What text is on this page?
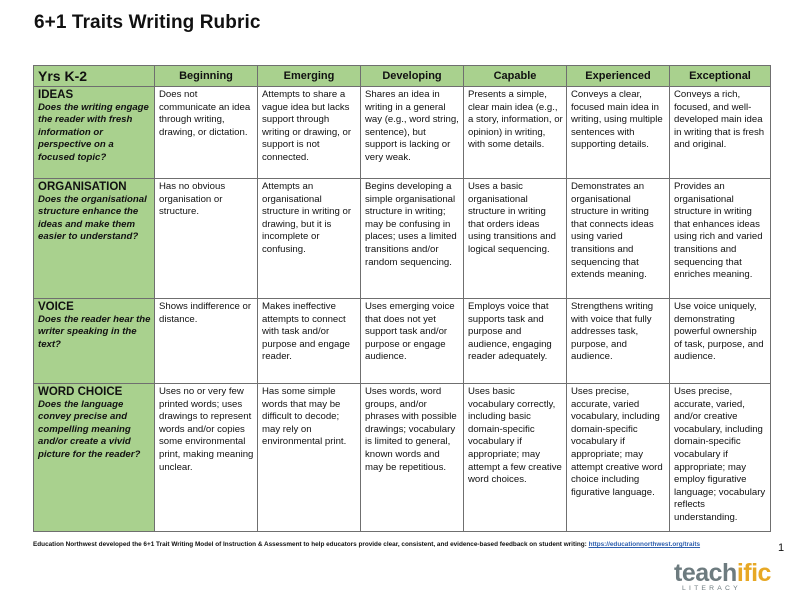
6+1 Traits Writing Rubric
Yrs K-2	Beginning	Emerging	Developing	Capable	Experienced	Exceptional

IDEAS
Does the writing engage the reader with fresh information or perspective on a focused topic?	Does not communicate an idea through writing, drawing, or dictation.	Attempts to share a vague idea but lacks support through writing or drawing, or support is not connected.	Shares an idea in writing in a general way (e.g., word string, sentence), but support is lacking or very weak.	Presents a simple, clear main idea (e.g., a story, information, or opinion) in writing, with some details.	Conveys a clear, focused main idea in writing, using multiple sentences with supporting details.	Conveys a rich, focused, and well-developed main idea in writing that is fresh and original.

ORGANISATION
Does the organisational structure enhance the ideas and make them easier to understand?	Has no obvious organisation or structure.	Attempts an organisational structure in writing or drawing, but it is incomplete or confusing.	Begins developing a simple organisational structure in writing; may be confusing in places; uses a limited transitions and/or random sequencing.	Uses a basic organisational structure in writing that orders ideas using transitions and logical sequencing.	Demonstrates an organisational structure in writing that connects ideas using varied transitions and sequencing that extends meaning.	Provides an organisational structure in writing that enhances ideas using rich and varied transitions and sequencing that enriches meaning.

VOICE
Does the reader hear the writer speaking in the text?	Shows indifference or distance.	Makes ineffective attempts to connect with task and/or purpose and engage reader.	Uses emerging voice that does not yet support task and/or purpose or engage audience.	Employs voice that supports task and purpose and audience, engaging reader adequately.	Strengthens writing with voice that fully addresses task, purpose, and audience.	Use voice uniquely, demonstrating powerful ownership of task, purpose, and audience.

WORD CHOICE
Does the language convey precise and compelling meaning and/or create a vivid picture for the reader?	Uses no or very few printed words; uses drawings to represent words and/or copies some environmental print, making meaning unclear.	Has some simple words that may be difficult to decode; may rely on environmental print.	Uses words, word groups, and/or phrases with possible drawings; vocabulary is limited to general, known words and may be repetitious.	Uses basic vocabulary correctly, including basic domain-specific vocabulary if appropriate; may attempt a few creative word choices.	Uses precise, accurate, varied vocabulary, including domain-specific vocabulary if appropriate; may attempt creative word choice including figurative language.	Uses precise, accurate, varied, and/or creative vocabulary, including domain-specific vocabulary if appropriate; may employ figurative language; vocabulary reflects understanding.
Education Northwest developed the 6+1 Trait Writing Model of Instruction & Assessment to help educators provide clear, consistent, and evidence-based feedback on student writing: https://educationnorthwest.org/traits	1
teachific
LITERACY
